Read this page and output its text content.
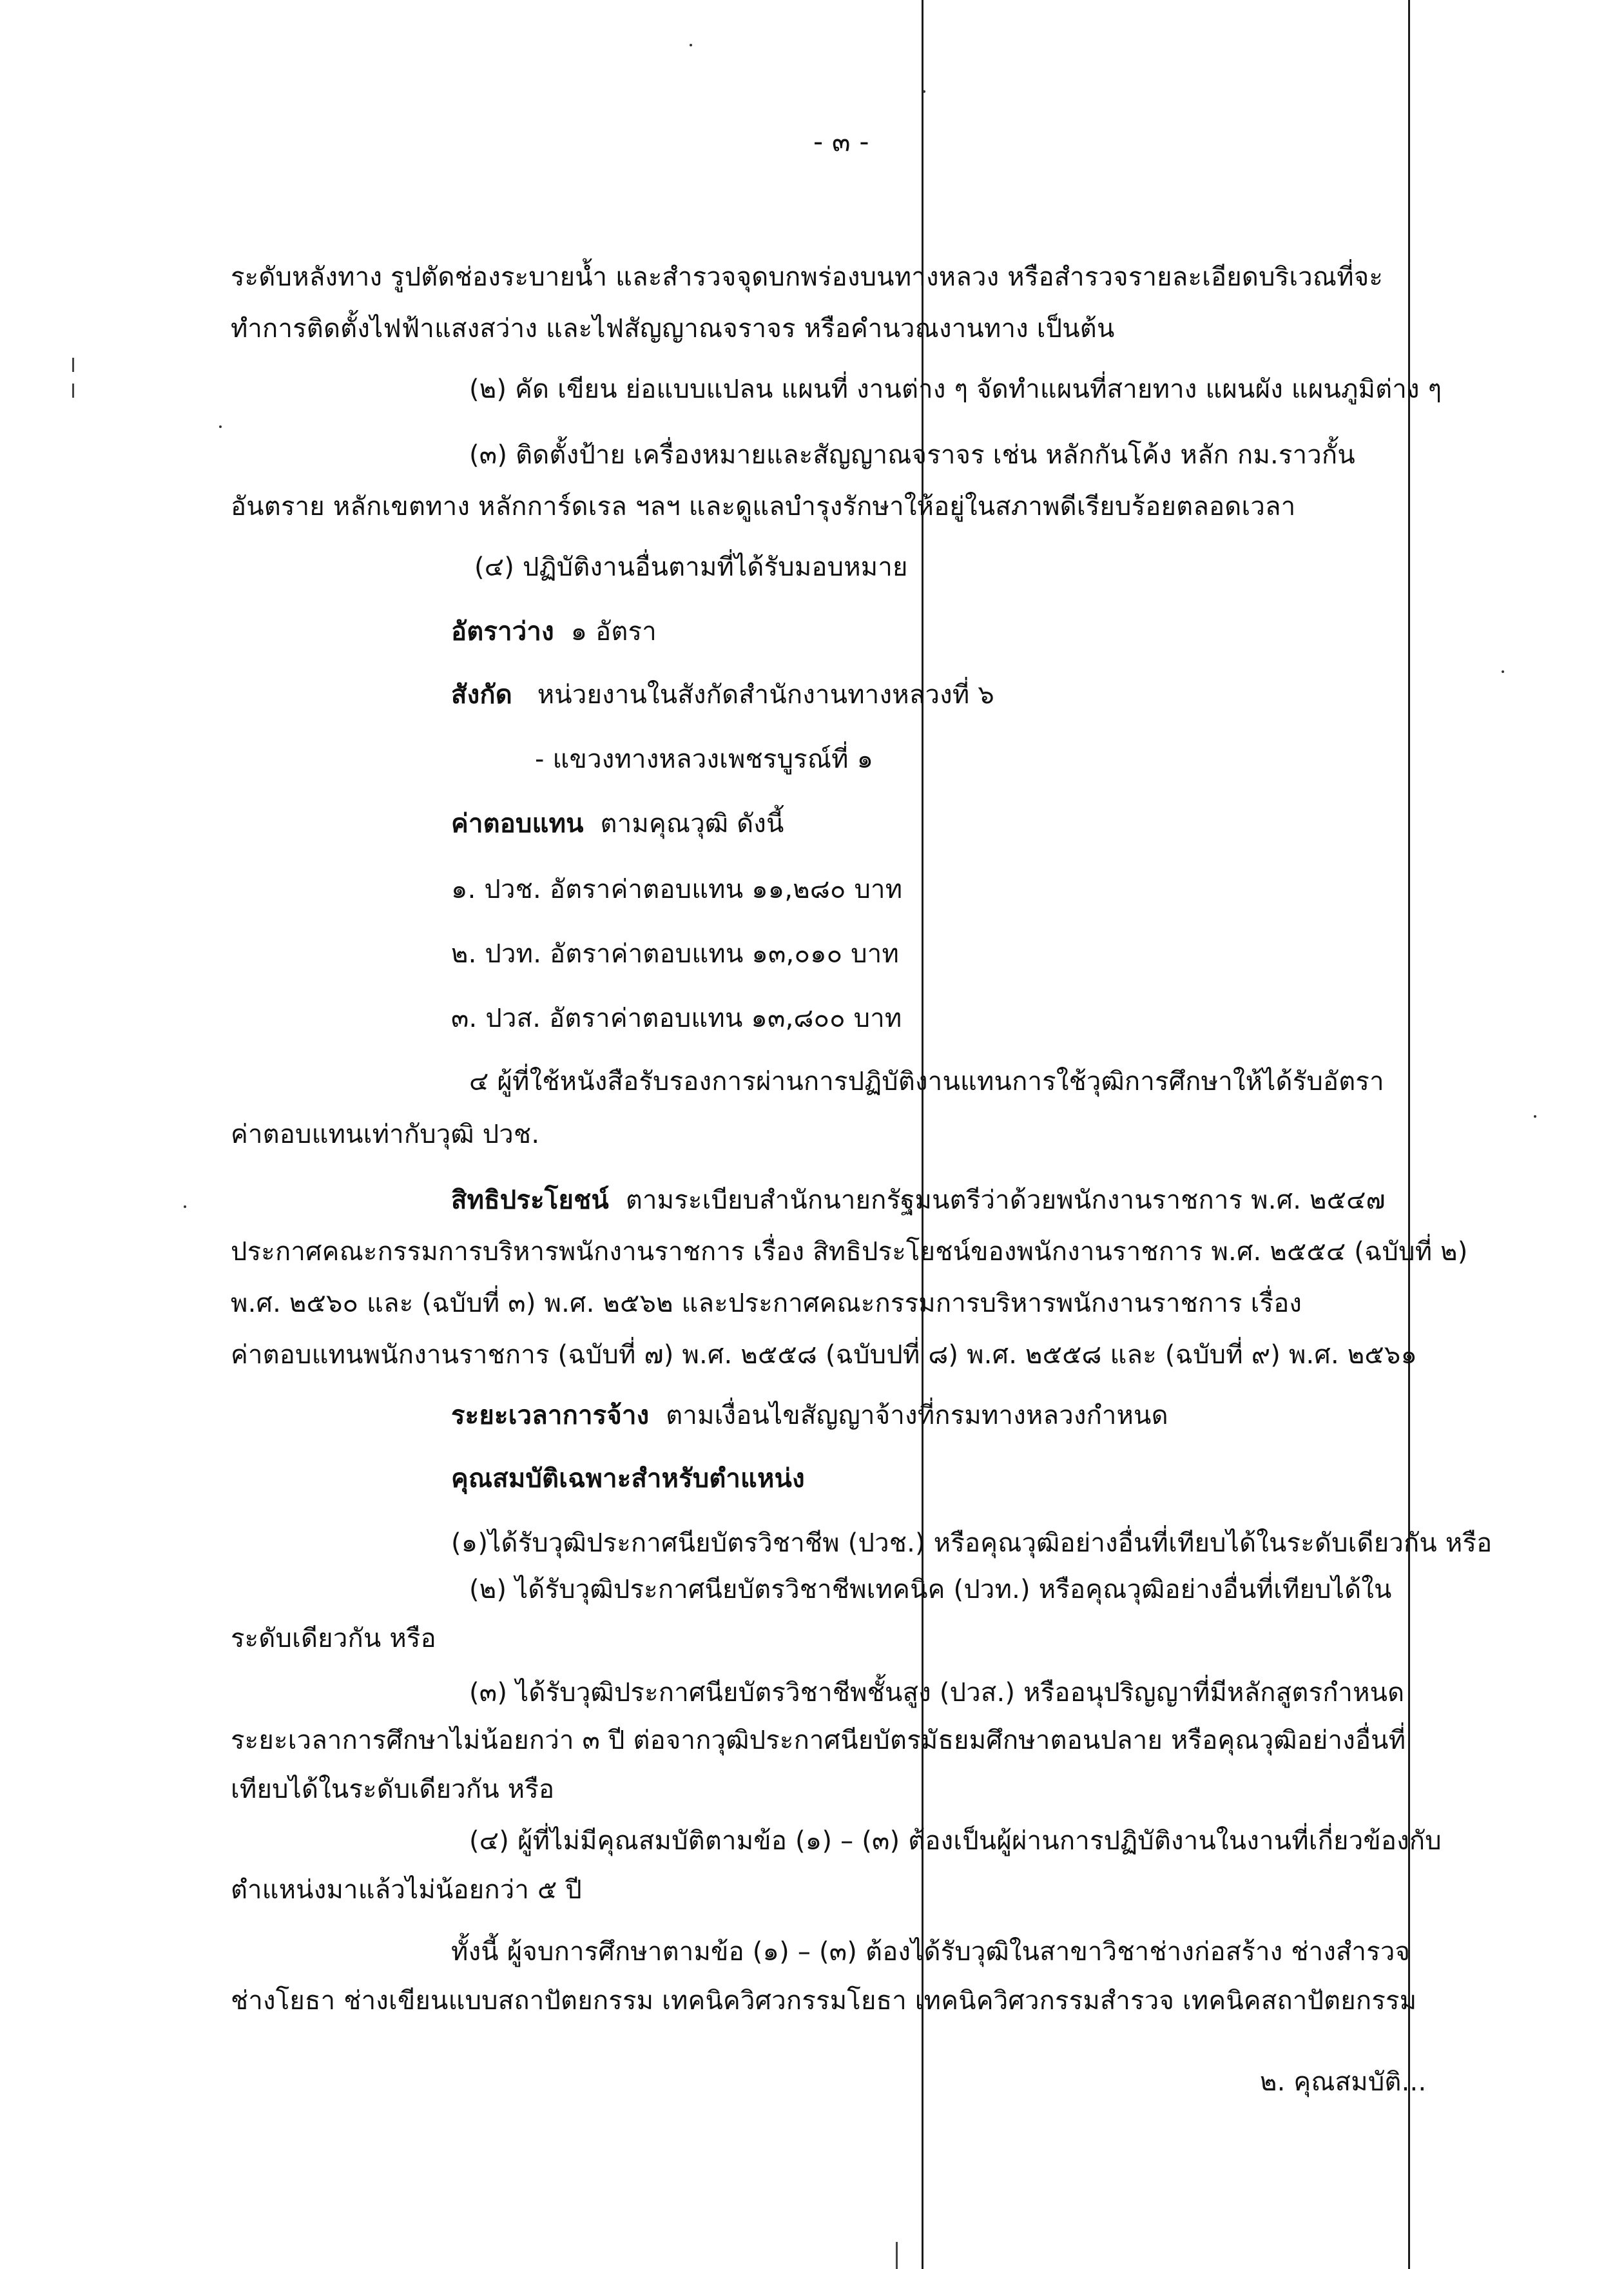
- ๓ -
ระดับหลังทาง รูปตัดช่องระบายน้ำ และสำรวจจุดบกพร่องบนทางหลวง หรือสำรวจรายละเอียดบริเวณที่จะ
ทำการติดตั้งไฟฟ้าแสงสว่าง และไฟสัญญาณจราจร หรือคำนวณงานทาง เป็นต้น
(๒) คัด เขียน ย่อแบบแปลน แผนที่ งานต่าง ๆ จัดทำแผนที่สายทาง แผนผัง แผนภูมิต่าง ๆ
(๓) ติดตั้งป้าย เครื่องหมายและสัญญาณจราจร เช่น หลักกันโค้ง หลัก กม.ราวกั้น
อันตราย หลักเขตทาง หลักการ์ดเรล ฯลฯ และดูแลบำรุงรักษาให้อยู่ในสภาพดีเรียบร้อยตลอดเวลา
(๔) ปฏิบัติงานอื่นตามที่ได้รับมอบหมาย
อัตราว่าง ๑ อัตรา
สังกัด หน่วยงานในสังกัดสำนักงานทางหลวงที่ ๖
- แขวงทางหลวงเพชรบูรณ์ที่ ๑
ค่าตอบแทน ตามคุณวุฒิ ดังนี้
๑. ปวช. อัตราค่าตอบแทน ๑๑,๒๘๐ บาท
๒. ปวท. อัตราค่าตอบแทน ๑๓,๐๑๐ บาท
๓. ปวส. อัตราค่าตอบแทน ๑๓,๘๐๐ บาท
๔ ผู้ที่ใช้หนังสือรับรองการผ่านการปฏิบัติงานแทนการใช้วุฒิการศึกษาให้ได้รับอัตรา
ค่าตอบแทนเท่ากับวุฒิ ปวช.
สิทธิประโยชน์ ตามระเบียบสำนักนายกรัฐมนตรีว่าด้วยพนักงานราชการ พ.ศ. ๒๕๔๗
ประกาศคณะกรรมการบริหารพนักงานราชการ เรื่อง สิทธิประโยชน์ของพนักงานราชการ พ.ศ. ๒๕๕๔ (ฉบับที่ ๒)
พ.ศ. ๒๕๖๐ และ (ฉบับที่ ๓) พ.ศ. ๒๕๖๒ และประกาศคณะกรรมการบริหารพนักงานราชการ เรื่อง
ค่าตอบแทนพนักงานราชการ (ฉบับที่ ๗) พ.ศ. ๒๕๕๘ (ฉบับปที่ ๘) พ.ศ. ๒๕๕๘ และ (ฉบับที่ ๙) พ.ศ. ๒๕๖๑
ระยะเวลาการจ้าง ตามเงื่อนไขสัญญาจ้างที่กรมทางหลวงกำหนด
คุณสมบัติเฉพาะสำหรับตำแหน่ง
(๑)ได้รับวุฒิประกาศนียบัตรวิชาชีพ (ปวช.) หรือคุณวุฒิอย่างอื่นที่เทียบได้ในระดับเดียวกัน หรือ
(๒) ได้รับวุฒิประกาศนียบัตรวิชาชีพเทคนิค (ปวท.) หรือคุณวุฒิอย่างอื่นที่เทียบได้ใน
ระดับเดียวกัน หรือ
(๓) ได้รับวุฒิประกาศนียบัตรวิชาชีพชั้นสูง (ปวส.) หรืออนุปริญญาที่มีหลักสูตรกำหนด
ระยะเวลาการศึกษาไม่น้อยกว่า ๓ ปี ต่อจากวุฒิประกาศนียบัตรมัธยมศึกษาตอนปลาย หรือคุณวุฒิอย่างอื่นที่
เทียบได้ในระดับเดียวกัน หรือ
(๔) ผู้ที่ไม่มีคุณสมบัติตามข้อ (๑) – (๓) ต้องเป็นผู้ผ่านการปฏิบัติงานในงานที่เกี่ยวข้องกับ
ตำแหน่งมาแล้วไม่น้อยกว่า ๕ ปี
ทั้งนี้ ผู้จบการศึกษาตามข้อ (๑) – (๓) ต้องได้รับวุฒิในสาขาวิชาช่างก่อสร้าง ช่างสำรวจ
ช่างโยธา ช่างเขียนแบบสถาปัตยกรรม เทคนิควิศวกรรมโยธา เทคนิควิศวกรรมสำรวจ เทคนิคสถาปัตยกรรม
๒. คุณสมบัติ...
